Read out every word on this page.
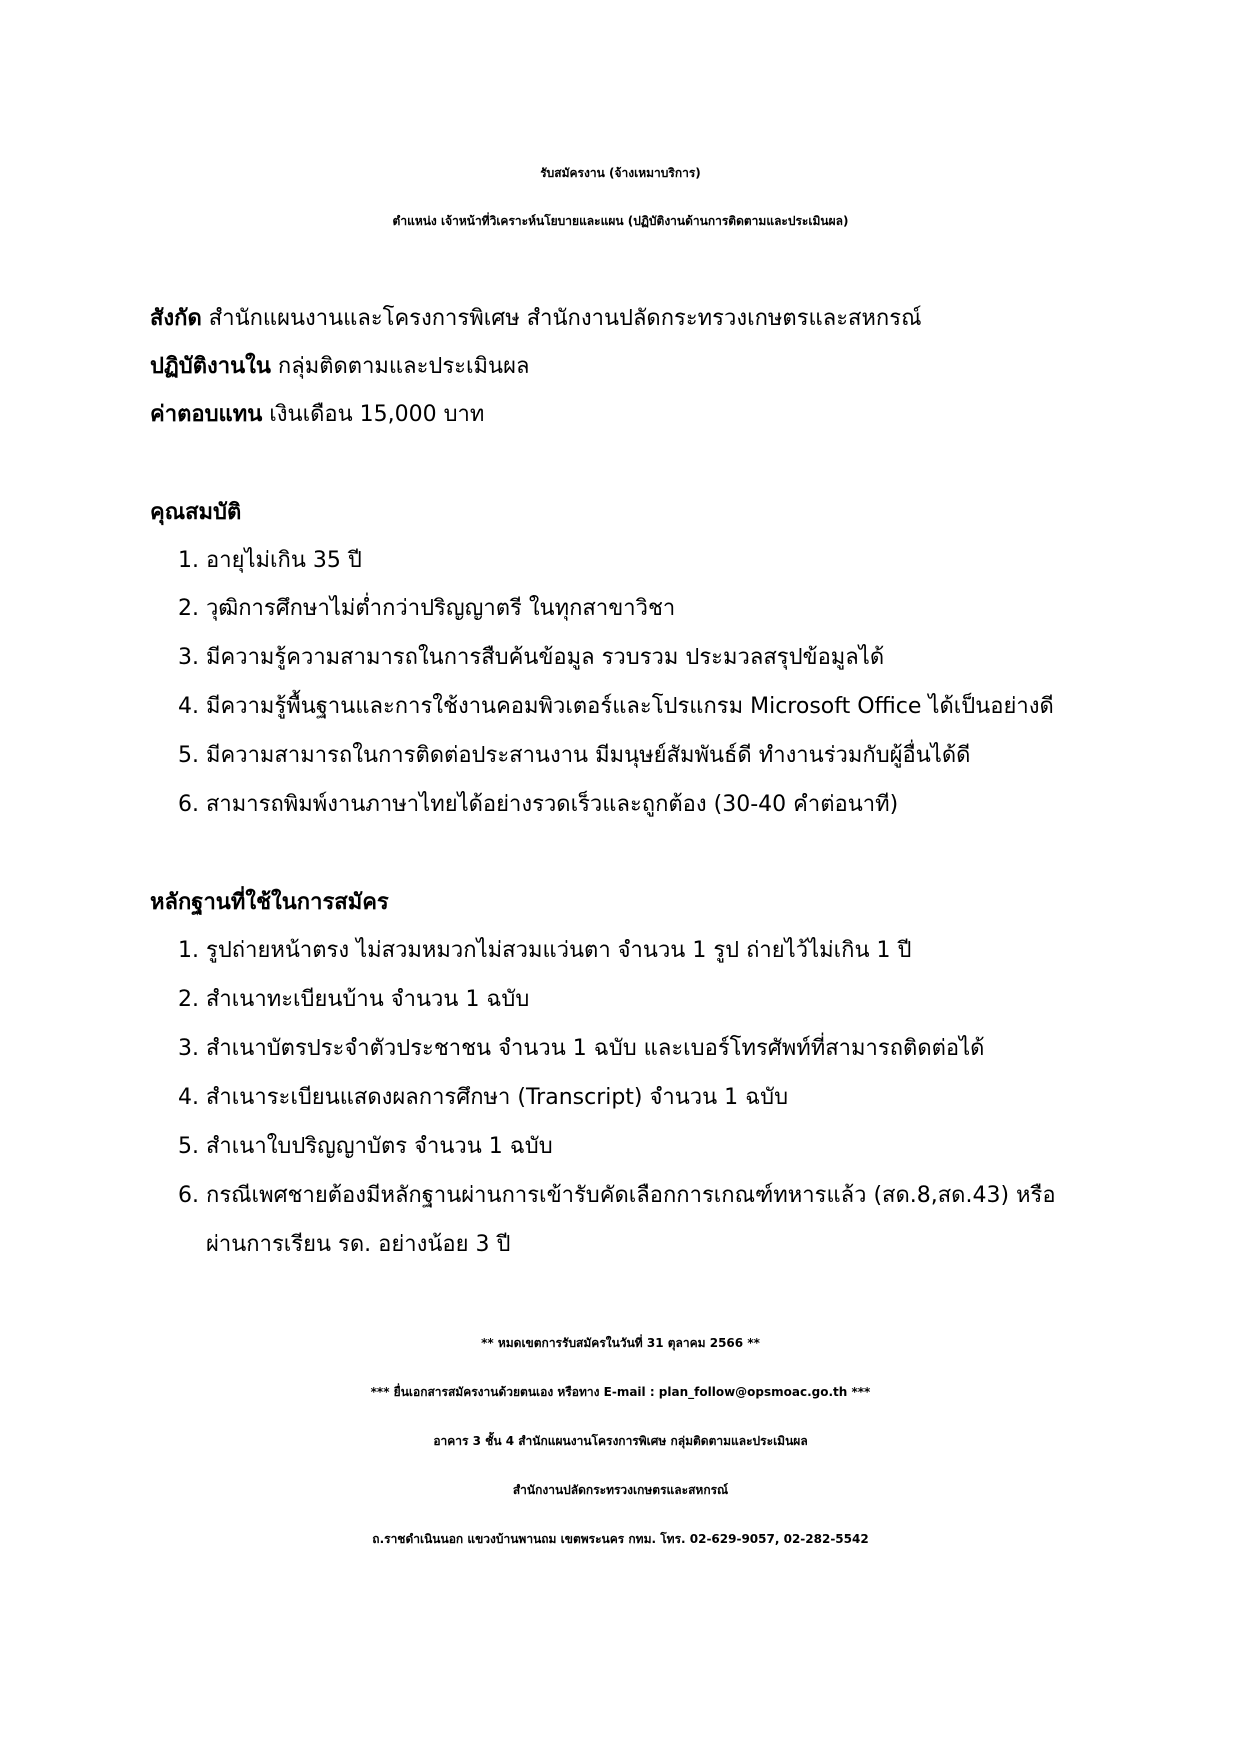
รับสมัครงาน (จ้างเหมาบริการ)
ตำแหน่ง เจ้าหน้าที่วิเคราะห์นโยบายและแผน (ปฏิบัติงานด้านการติดตามและประเมินผล)
สังกัด สำนักแผนงานและโครงการพิเศษ สำนักงานปลัดกระทรวงเกษตรและสหกรณ์
ปฏิบัติงานใน กลุ่มติดตามและประเมินผล
ค่าตอบแทน เงินเดือน 15,000 บาท
คุณสมบัติ
1. อายุไม่เกิน 35 ปี
2. วุฒิการศึกษาไม่ต่ำกว่าปริญญาตรี ในทุกสาขาวิชา
3. มีความรู้ความสามารถในการสืบค้นข้อมูล รวบรวม ประมวลสรุปข้อมูลได้
4. มีความรู้พื้นฐานและการใช้งานคอมพิวเตอร์และโปรแกรม Microsoft Office ได้เป็นอย่างดี
5. มีความสามารถในการติดต่อประสานงาน มีมนุษย์สัมพันธ์ดี ทำงานร่วมกับผู้อื่นได้ดี
6. สามารถพิมพ์งานภาษาไทยได้อย่างรวดเร็วและถูกต้อง (30-40 คำต่อนาที)
หลักฐานที่ใช้ในการสมัคร
1. รูปถ่ายหน้าตรง ไม่สวมหมวกไม่สวมแว่นตา จำนวน 1 รูป ถ่ายไว้ไม่เกิน 1 ปี
2. สำเนาทะเบียนบ้าน จำนวน 1 ฉบับ
3. สำเนาบัตรประจำตัวประชาชน จำนวน 1 ฉบับ และเบอร์โทรศัพท์ที่สามารถติดต่อได้
4. สำเนาระเบียนแสดงผลการศึกษา (Transcript) จำนวน 1 ฉบับ
5. สำเนาใบปริญญาบัตร จำนวน 1 ฉบับ
6. กรณีเพศชายต้องมีหลักฐานผ่านการเข้ารับคัดเลือกการเกณฑ์ทหารแล้ว (สด.8,สด.43) หรือ
ผ่านการเรียน รด. อย่างน้อย 3 ปี
** หมดเขตการรับสมัครในวันที่ 31 ตุลาคม 2566 **
*** ยื่นเอกสารสมัครงานด้วยตนเอง หรือทาง E-mail : plan_follow@opsmoac.go.th ***
อาคาร 3 ชั้น 4 สำนักแผนงานโครงการพิเศษ กลุ่มติดตามและประเมินผล
สำนักงานปลัดกระทรวงเกษตรและสหกรณ์
ถ.ราชดำเนินนอก แขวงบ้านพานถม เขตพระนคร กทม. โทร. 02-629-9057, 02-282-5542
